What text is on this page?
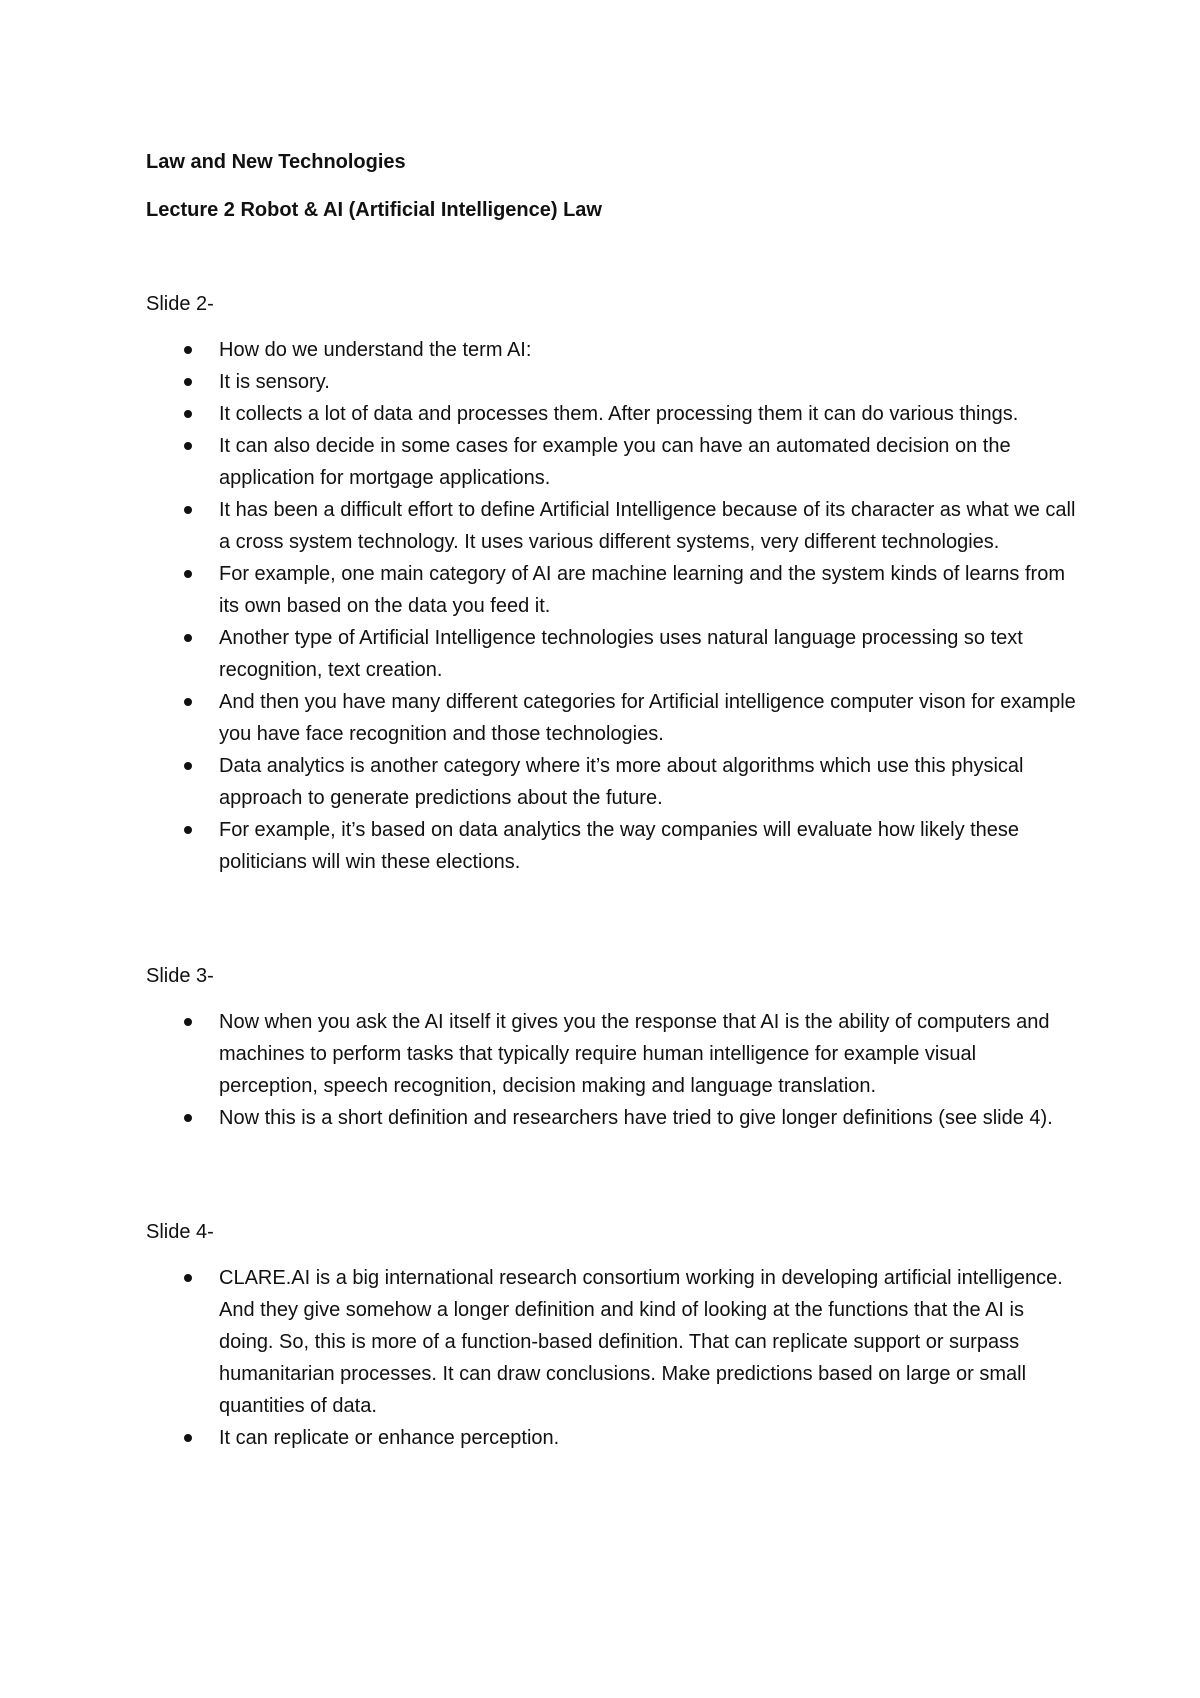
Law and New Technologies
Lecture 2 Robot & AI (Artificial Intelligence) Law

Slide 2-

How do we understand the term AI:
It is sensory.
It collects a lot of data and processes them. After processing them it can do various things.
It can also decide in some cases for example you can have an automated decision on the application for mortgage applications.
It has been a difficult effort to define Artificial Intelligence because of its character as what we call a cross system technology. It uses various different systems, very different technologies.
For example, one main category of AI are machine learning and the system kinds of learns from its own based on the data you feed it.
Another type of Artificial Intelligence technologies uses natural language processing so text recognition, text creation.
And then you have many different categories for Artificial intelligence computer vison for example you have face recognition and those technologies.
Data analytics is another category where it’s more about algorithms which use this physical approach to generate predictions about the future.
For example, it’s based on data analytics the way companies will evaluate how likely these politicians will win these elections.

Slide 3-

Now when you ask the AI itself it gives you the response that AI is the ability of computers and machines to perform tasks that typically require human intelligence for example visual perception, speech recognition, decision making and language translation.
Now this is a short definition and researchers have tried to give longer definitions (see slide 4).

Slide 4-

CLARE.AI is a big international research consortium working in developing artificial intelligence. And they give somehow a longer definition and kind of looking at the functions that the AI is doing. So, this is more of a function-based definition. That can replicate support or surpass humanitarian processes. It can draw conclusions. Make predictions based on large or small quantities of data.
It can replicate or enhance perception.
